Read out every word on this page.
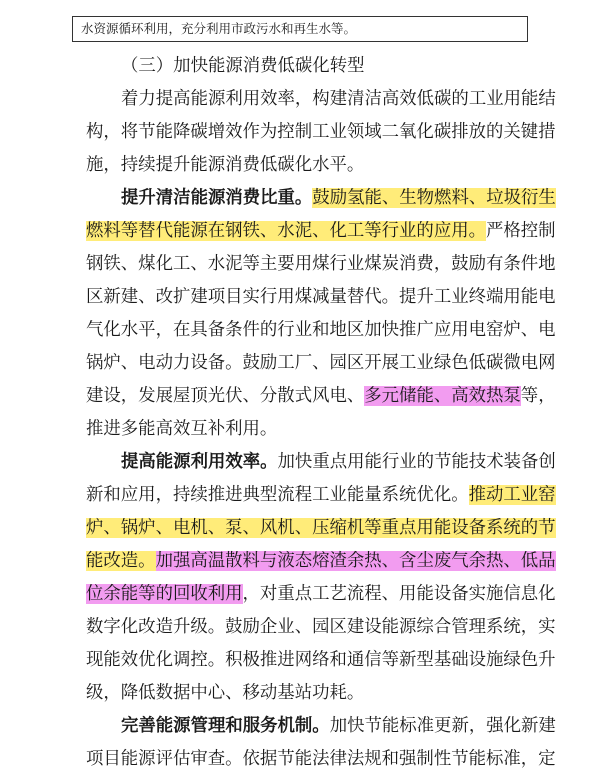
水资源循环利用，充分利用市政污水和再生水等。
（三）加快能源消费低碳化转型
着力提高能源利用效率，构建清洁高效低碳的工业用能结
构，将节能降碳增效作为控制工业领域二氧化碳排放的关键措
施，持续提升能源消费低碳化水平。
提升清洁能源消费比重。鼓励氢能、生物燃料、垃圾衍生
燃料等替代能源在钢铁、水泥、化工等行业的应用。严格控制
钢铁、煤化工、水泥等主要用煤行业煤炭消费，鼓励有条件地
区新建、改扩建项目实行用煤减量替代。提升工业终端用能电
气化水平，在具备条件的行业和地区加快推广应用电窑炉、电
锅炉、电动力设备。鼓励工厂、园区开展工业绿色低碳微电网
建设，发展屋顶光伏、分散式风电、多元储能、高效热泵等，
推进多能高效互补利用。
提高能源利用效率。加快重点用能行业的节能技术装备创
新和应用，持续推进典型流程工业能量系统优化。推动工业窑
炉、锅炉、电机、泵、风机、压缩机等重点用能设备系统的节
能改造。加强高温散料与液态熔渣余热、含尘废气余热、低品
位余能等的回收利用，对重点工艺流程、用能设备实施信息化
数字化改造升级。鼓励企业、园区建设能源综合管理系统，实
现能效优化调控。积极推进网络和通信等新型基础设施绿色升
级，降低数据中心、移动基站功耗。
完善能源管理和服务机制。加快节能标准更新，强化新建
项目能源评估审查。依据节能法律法规和强制性节能标准，定
